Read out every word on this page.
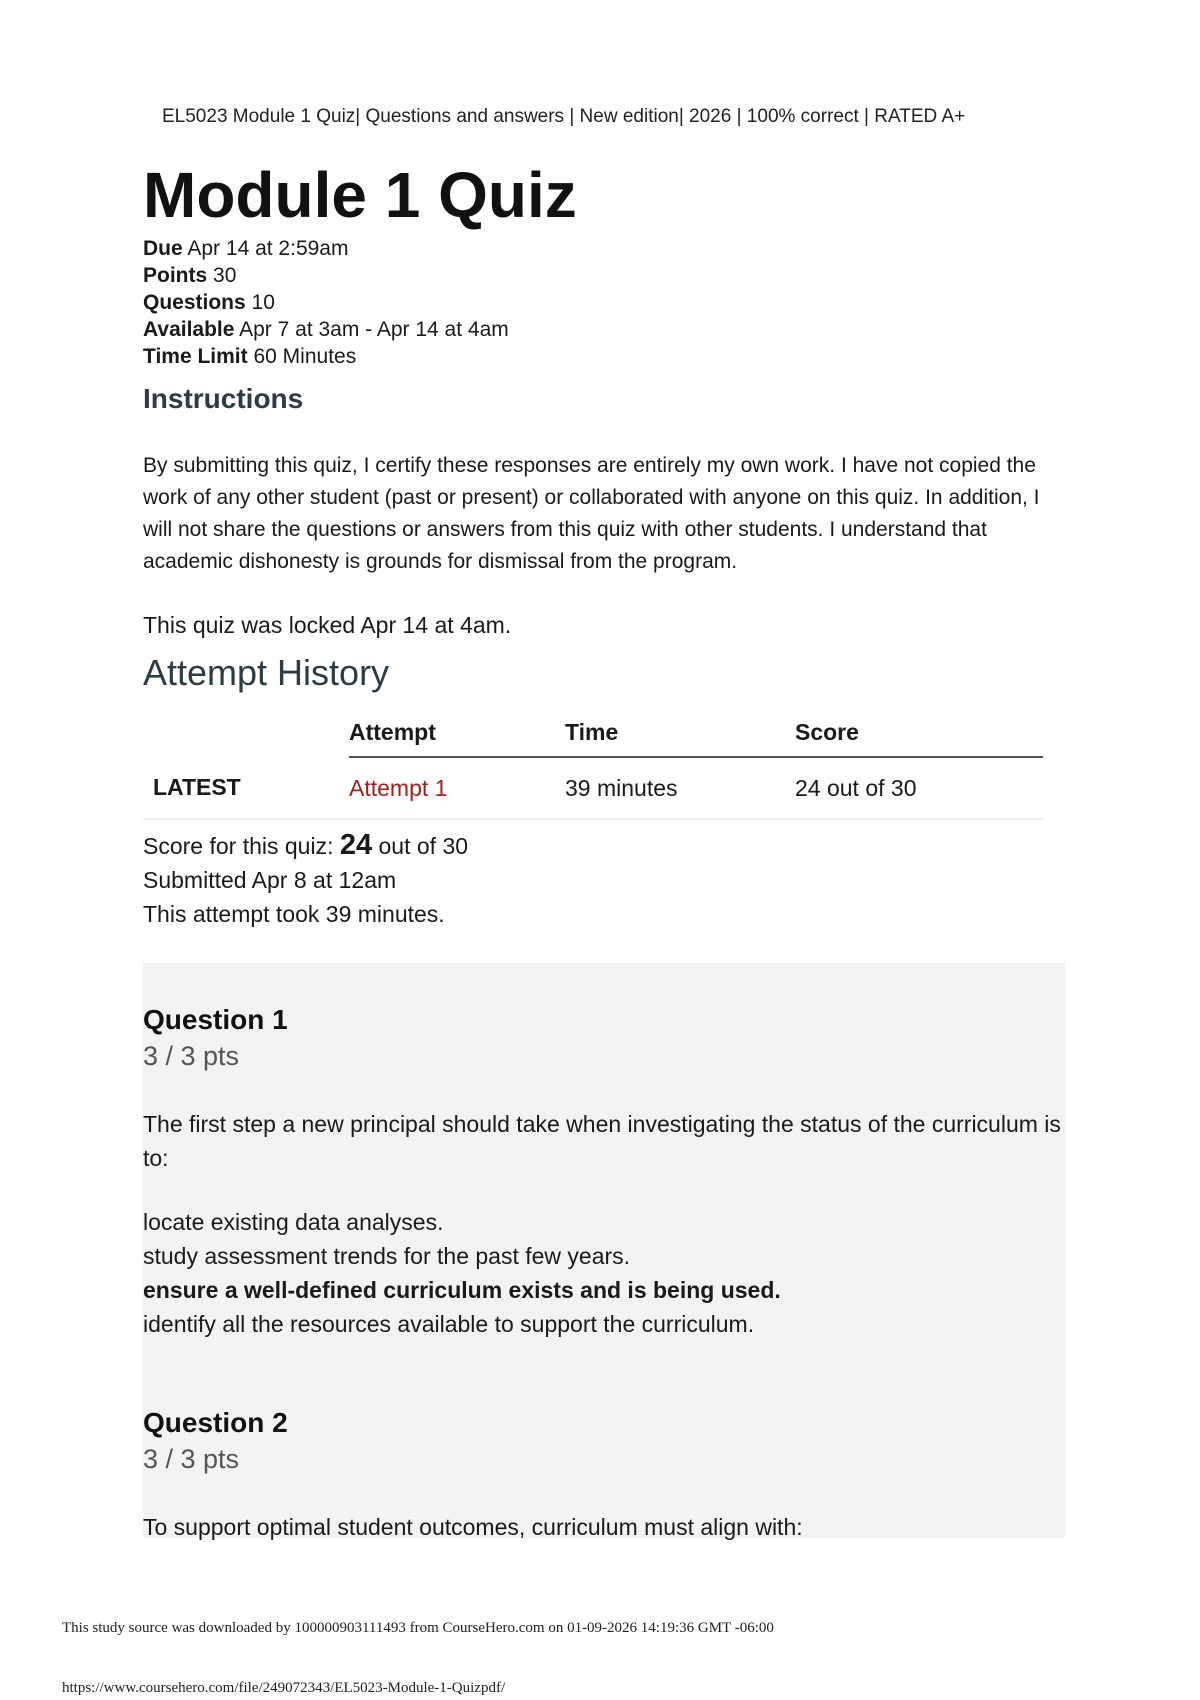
EL5023 Module 1 Quiz| Questions and answers | New edition| 2026 | 100% correct | RATED A+
Module 1 Quiz
Due Apr 14 at 2:59am
Points 30
Questions 10
Available Apr 7 at 3am - Apr 14 at 4am
Time Limit 60 Minutes
Instructions
By submitting this quiz, I certify these responses are entirely my own work. I have not copied the work of any other student (past or present) or collaborated with anyone on this quiz. In addition, I will not share the questions or answers from this quiz with other students. I understand that academic dishonesty is grounds for dismissal from the program.
This quiz was locked Apr 14 at 4am.
Attempt History
	Attempt	Time	Score
LATEST	Attempt 1	39 minutes	24 out of 30
Score for this quiz: 24 out of 30
Submitted Apr 8 at 12am
This attempt took 39 minutes.
Question 1
3 / 3 pts
The first step a new principal should take when investigating the status of the curriculum is to:
locate existing data analyses.
study assessment trends for the past few years.
ensure a well-defined curriculum exists and is being used.
identify all the resources available to support the curriculum.
Question 2
3 / 3 pts
To support optimal student outcomes, curriculum must align with:
This study source was downloaded by 100000903111493 from CourseHero.com on 01-09-2026 14:19:36 GMT -06:00
https://www.coursehero.com/file/249072343/EL5023-Module-1-Quizpdf/
